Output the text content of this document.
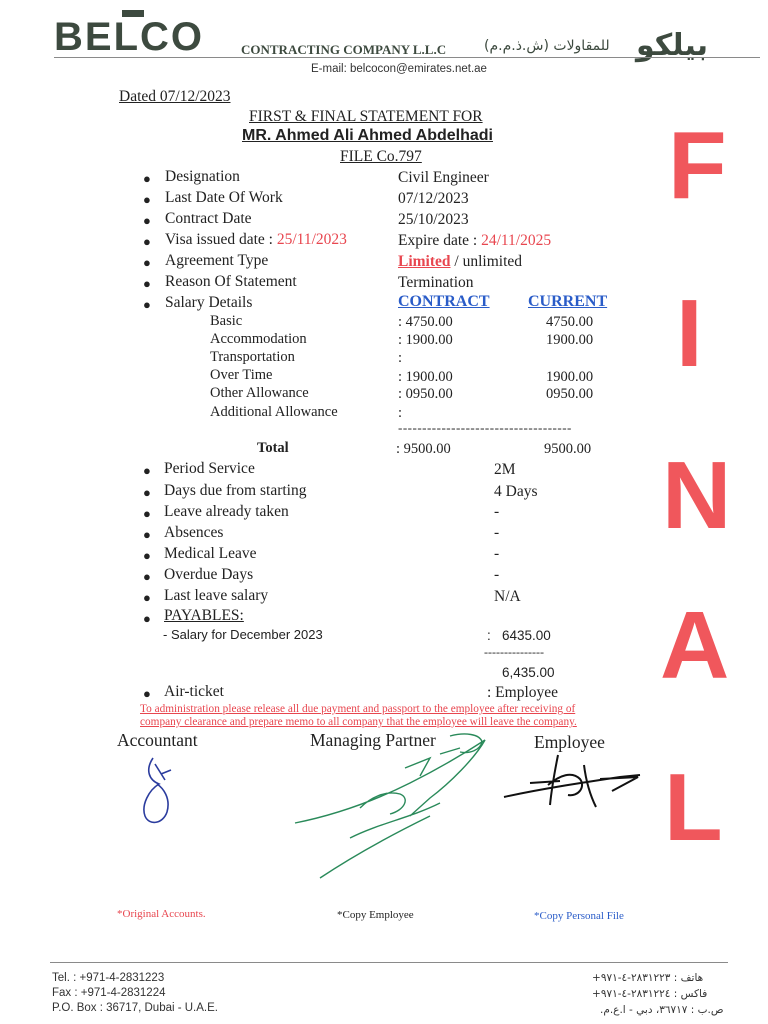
BELCO	CONTRACTING COMPANY L.L.C	للمقاولات (ش.ذ.م.م) بيلكو
E-mail: belcocon@emirates.net.ae
Dated 07/12/2023
FIRST & FINAL STATEMENT FOR
MR. Ahmed Ali Ahmed Abdelhadi
FILE Co.797
● Designation	Civil Engineer
● Last Date Of Work	07/12/2023
● Contract Date	25/10/2023
● Visa issued date : 25/11/2023	Expire date : 24/11/2025
● Agreement Type	Limited / unlimited
● Reason Of Statement	Termination
● Salary Details	CONTRACT CURRENT
Basic	: 4750.00	4750.00
Accommodation	: 1900.00	1900.00
Transportation	:
Over Time	: 1900.00	1900.00
Other Allowance	: 0950.00	0950.00
Additional Allowance	:
------------------------------------
Total	: 9500.00	9500.00
● Period Service	2M
● Days due from starting	4 Days
● Leave already taken	-
● Absences	-
● Medical Leave	-
● Overdue Days	-
● Last leave salary	N/A
● PAYABLES:
- Salary for December 2023	:   6435.00
---------------
6,435.00
● Air-ticket	: Employee
To administration please release all due payment and passport to the employee after receiving of
company clearance and prepare memo to all company that the employee will leave the company.
Accountant	Managing Partner	Employee
F
I
N
A
L
*Original Accounts.	*Copy Employee	*Copy Personal File
Tel. : +971-4-2831223
Fax : +971-4-2831224
P.O. Box : 36717, Dubai - U.A.E.
هاتف : ٢٨٣١٢٢٣-٤-٩٧١+
فاكس : ٢٨٣١٢٢٤-٤-٩٧١+
ص.ب : ٣٦٧١٧، دبي - ا.ع.م.
